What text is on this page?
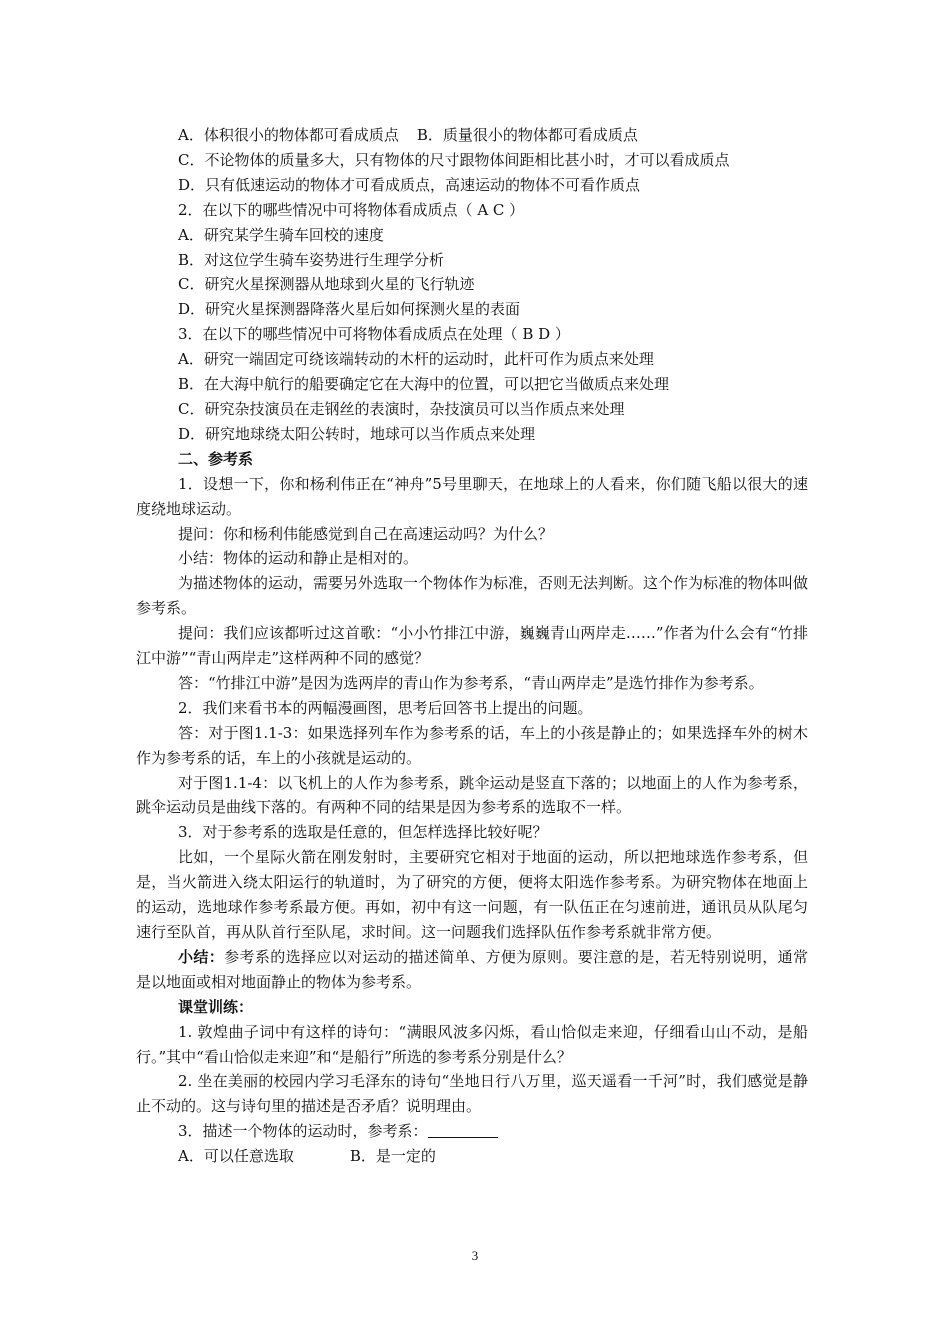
A．体积很小的物体都可看成质点 B．质量很小的物体都可看成质点
C．不论物体的质量多大，只有物体的尺寸跟物体间距相比甚小时，才可以看成质点
D．只有低速运动的物体才可看成质点，高速运动的物体不可看作质点
2．在以下的哪些情况中可将物体看成质点（ A C ）
A．研究某学生骑车回校的速度
B．对这位学生骑车姿势进行生理学分析
C．研究火星探测器从地球到火星的飞行轨迹
D．研究火星探测器降落火星后如何探测火星的表面
3．在以下的哪些情况中可将物体看成质点在处理（ B D ）
A．研究一端固定可绕该端转动的木杆的运动时，此杆可作为质点来处理
B．在大海中航行的船要确定它在大海中的位置，可以把它当做质点来处理
C．研究杂技演员在走钢丝的表演时，杂技演员可以当作质点来处理
D．研究地球绕太阳公转时，地球可以当作质点来处理
二、参考系
1．设想一下，你和杨利伟正在“神舟”5号里聊天，在地球上的人看来，你们随飞船以很大的速度绕地球运动。
提问：你和杨利伟能感觉到自己在高速运动吗？为什么？
小结：物体的运动和静止是相对的。
为描述物体的运动，需要另外选取一个物体作为标准，否则无法判断。这个作为标准的物体叫做参考系。
提问：我们应该都听过这首歌：“小小竹排江中游，巍巍青山两岸走……”作者为什么会有“竹排江中游”“青山两岸走”这样两种不同的感觉？
答：“竹排江中游”是因为选两岸的青山作为参考系，“青山两岸走”是选竹排作为参考系。
2．我们来看书本的两幅漫画图，思考后回答书上提出的问题。
答：对于图1.1-3：如果选择列车作为参考系的话，车上的小孩是静止的；如果选择车外的树木作为参考系的话，车上的小孩就是运动的。
对于图1.1-4：以飞机上的人作为参考系，跳伞运动是竖直下落的；以地面上的人作为参考系，跳伞运动员是曲线下落的。有两种不同的结果是因为参考系的选取不一样。
3．对于参考系的选取是任意的，但怎样选择比较好呢？
比如，一个星际火箭在刚发射时，主要研究它相对于地面的运动，所以把地球选作参考系，但是，当火箭进入绕太阳运行的轨道时，为了研究的方便，便将太阳选作参考系。为研究物体在地面上的运动，选地球作参考系最方便。再如，初中有这一问题，有一队伍正在匀速前进，通讯员从队尾匀速行至队首，再从队首行至队尾，求时间。这一问题我们选择队伍作参考系就非常方便。
小结：参考系的选择应以对运动的描述简单、方便为原则。要注意的是，若无特别说明，通常是以地面或相对地面静止的物体为参考系。
课堂训练：
1. 敦煌曲子词中有这样的诗句：“满眼风波多闪烁，看山恰似走来迎，仔细看山山不动，是船行。”其中“看山恰似走来迎”和“是船行”所选的参考系分别是什么？
2. 坐在美丽的校园内学习毛泽东的诗句“坐地日行八万里，巡天遥看一千河”时，我们感觉是静止不动的。这与诗句里的描述是否矛盾？说明理由。
3．描述一个物体的运动时，参考系：
A．可以任意选取	B．是一定的
3
